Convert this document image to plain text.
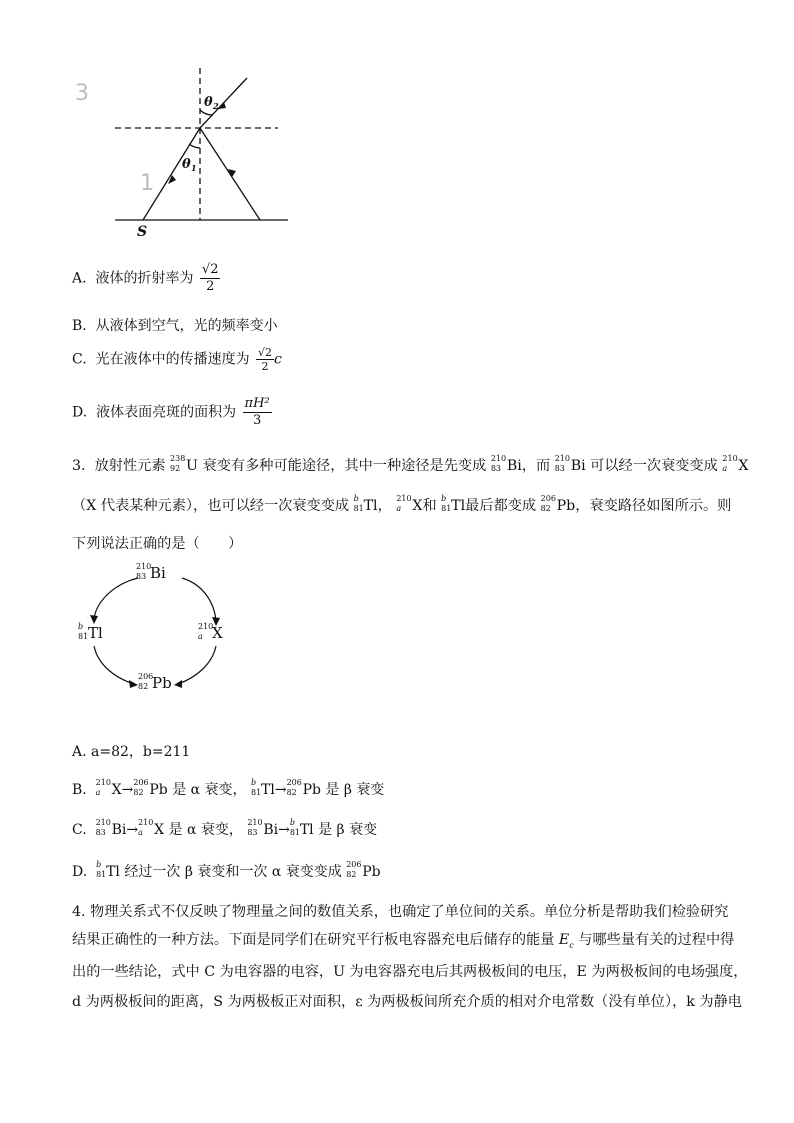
1
3	θ 2
θ 1
S
A. 液体的折射率为 $\frac{√2}{2}$
B. 从液体到空气，光的频率变小
C. 光在液体中的传播速度为 $\frac{√2}{2}$ c
D. 液体表面亮斑的面积为 $\frac{\text{πH²}}{3}$
3. 放射性元素 238
92 U 衰变有多种可能途径，其中一种途径是先变成 210
83 Bi，而 210
83 Bi 可以经一次衰变变成 210
a X
（X 代表某种元素），也可以经一次衰变变成 b
81 Tl， 210
a X和 b
81 Tl最后都变成 206
82 Pb，衰变路径如图所示。则
下列说法正确的是（　　）
210
83 Bi
b
81 Tl	210
a X
206
82 Pb
A. a=82，b=211
B. 210
a X→ 206
82 Pb 是 α 衰变， b
81 Tl→ 206
82 Pb 是 β 衰变
C. 210
83 Bi→ 210
a X 是 α 衰变， 210
83 Bi→ b
81 Tl 是 β 衰变
D. b
81 Tl 经过一次 β 衰变和一次 α 衰变变成 206
82 Pb
4. 物理关系式不仅反映了物理量之间的数值关系，也确定了单位间的关系。单位分析是帮助我们检验研究
结果正确性的一种方法。下面是同学们在研究平行板电容器充电后储存的能量 $E_c$ 与哪些量有关的过程中得
出的一些结论，式中 C 为电容器的电容，U 为电容器充电后其两极板间的电压，E 为两极板间的电场强度，
d 为两极板间的距离，S 为两极板正对面积，ε 为两极板间所充介质的相对介电常数（没有单位），k 为静电
